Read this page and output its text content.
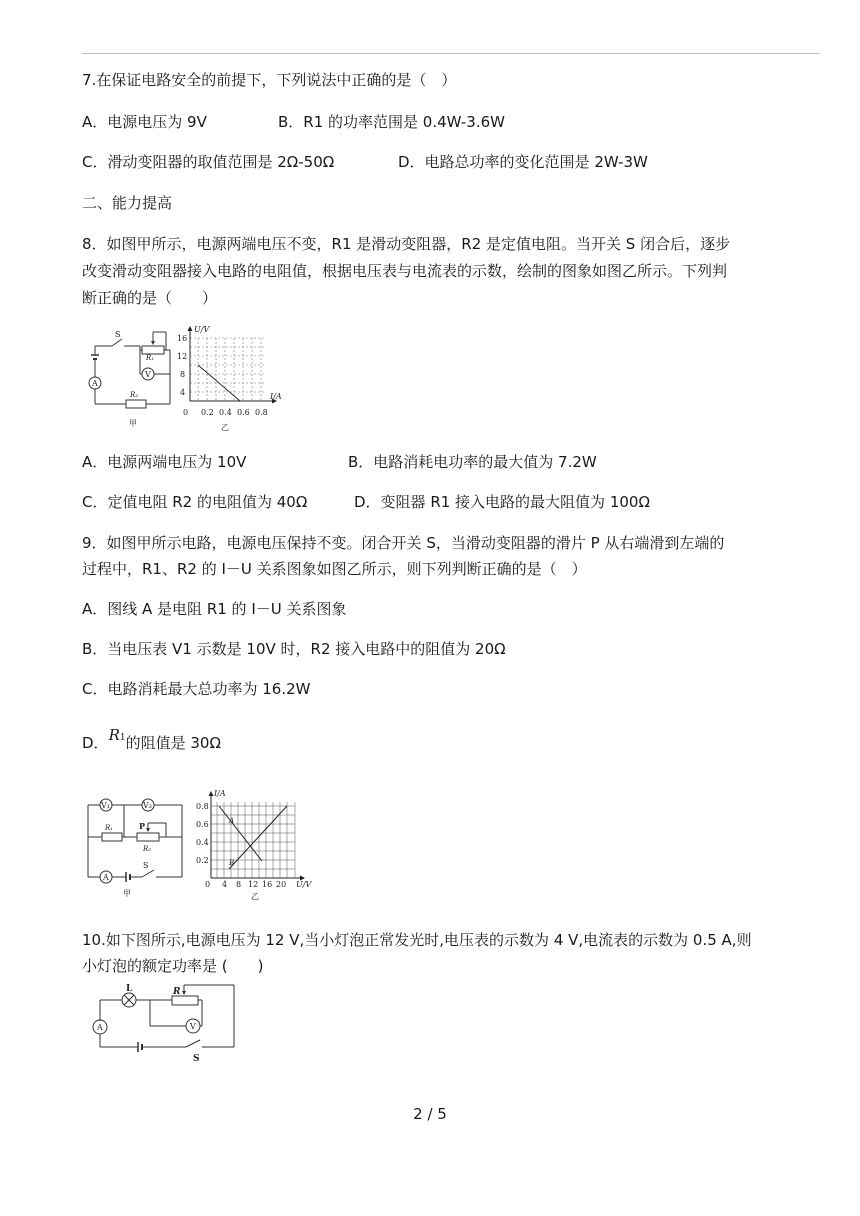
7.在保证电路安全的前提下，下列说法中正确的是（　）
A．电源电压为 9V	B．R1 的功率范围是 0.4W-3.6W
C．滑动变阻器的取值范围是 2Ω-50Ω	D．电路总功率的变化范围是 2W-3W
二、能力提高
8．如图甲所示，电源两端电压不变，R1 是滑动变阻器，R2 是定值电阻。当开关 S 闭合后，逐步
改变滑动变阻器接入电路的电阻值，根据电压表与电流表的示数，绘制的图象如图乙所示。下列判
断正确的是（　　）
S
R₁
V
A
R₂
甲
U/V
I/A
16
12
8
4
0 0.2 0.4 0.6 0.8
乙
A．电源两端电压为 10V	B．电路消耗电功率的最大值为 7.2W
C．定值电阻 R2 的电阻值为 40Ω	D．变阻器 R1 接入电路的最大阻值为 100Ω
9．如图甲所示电路，电源电压保持不变。闭合开关 S，当滑动变阻器的滑片 P 从右端滑到左端的
过程中，R1、R2 的 I－U 关系图象如图乙所示，则下列判断正确的是（　）
A．图线 A 是电阻 R1 的 I－U 关系图象
B．当电压表 V1 示数是 10V 时，R2 接入电路中的阻值为 20Ω
C．电路消耗最大总功率为 16.2W
D．R1的阻值是 30Ω
V₁	V₂
R₁	P
R₂
S
A
甲
A
B
I/A
U/V
0.8
0.6
0.4
0.2
0 4 8 12 16 20
乙
10.如下图所示,电源电压为 12 V,当小灯泡正常发光时,电压表的示数为 4 V,电流表的示数为 0.5 A,则
小灯泡的额定功率是 (　　)
L	R
A	V
S
2 / 5
